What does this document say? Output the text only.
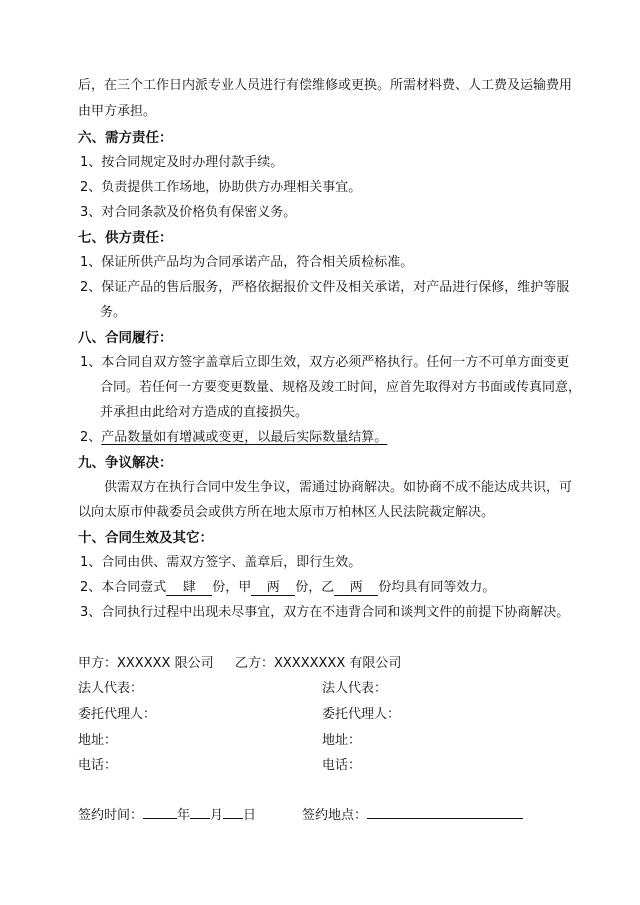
后，在三个工作日内派专业人员进行有偿维修或更换。所需材料费、人工费及运输费用
由甲方承担。
六、需方责任：
1、按合同规定及时办理付款手续。
2、负责提供工作场地，协助供方办理相关事宜。
3、对合同条款及价格负有保密义务。
七、供方责任：
1、保证所供产品均为合同承诺产品，符合相关质检标准。
2、保证产品的售后服务，严格依据报价文件及相关承诺，对产品进行保修，维护等服
务。
八、合同履行：
1、本合同自双方签字盖章后立即生效，双方必须严格执行。任何一方不可单方面变更
合同。若任何一方要变更数量、规格及竣工时间，应首先取得对方书面或传真同意，
并承担由此给对方造成的直接损失。
2、产品数量如有增减或变更，以最后实际数量结算。
九、争议解决：
供需双方在执行合同中发生争议，需通过协商解决。如协商不成不能达成共识，可
以向太原市仲裁委员会或供方所在地太原市万柏林区人民法院裁定解决。
十、合同生效及其它：
1、合同由供、需双方签字、盖章后，即行生效。
2、本合同壹式 肆 份，甲 两 份，乙 两 份均具有同等效力。
3、合同执行过程中出现未尽事宜，双方在不违背合同和谈判文件的前提下协商解决。
甲方：XXXXXX 限公司 乙方：XXXXXXXX 有限公司
法人代表：	法人代表：
委托代理人：	委托代理人：
地址：	地址：
电话：	电话：
签约时间：	年 月 日	签约地点：
